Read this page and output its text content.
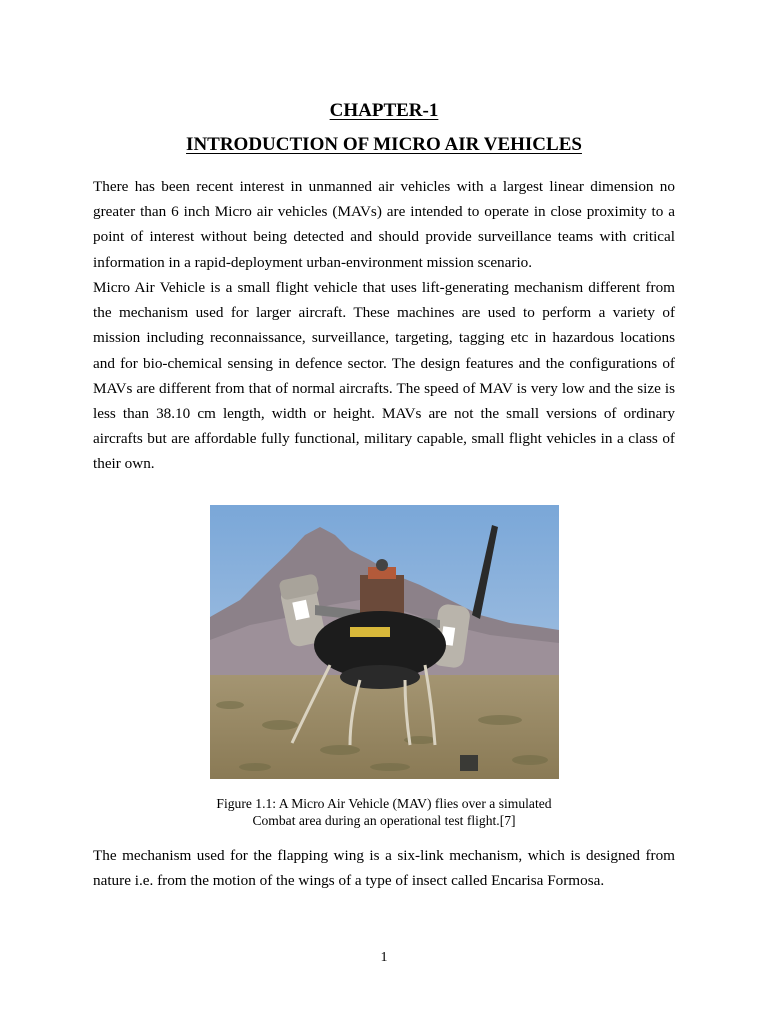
CHAPTER-1
INTRODUCTION OF MICRO AIR VEHICLES

There has been recent interest in unmanned air vehicles with a largest linear dimension no greater than 6 inch Micro air vehicles (MAVs) are intended to operate in close proximity to a point of interest without being detected and should provide surveillance teams with critical information in a rapid-deployment urban-environment mission scenario.

Micro Air Vehicle is a small flight vehicle that uses lift-generating mechanism different from the mechanism used for larger aircraft. These machines are used to perform a variety of mission including reconnaissance, surveillance, targeting, tagging etc in hazardous locations and for bio-chemical sensing in defence sector. The design features and the configurations of MAVs are different from that of normal aircrafts. The speed of MAV is very low and the size is less than 38.10 cm length, width or height. MAVs are not the small versions of ordinary aircrafts but are affordable fully functional, military capable, small flight vehicles in a class of their own.

Figure 1.1: A Micro Air Vehicle (MAV) flies over a simulated
Combat area during an operational test flight.[7]

The mechanism used for the flapping wing is a six-link mechanism, which is designed from nature i.e. from the motion of the wings of a type of insect called Encarisa Formosa.

1
